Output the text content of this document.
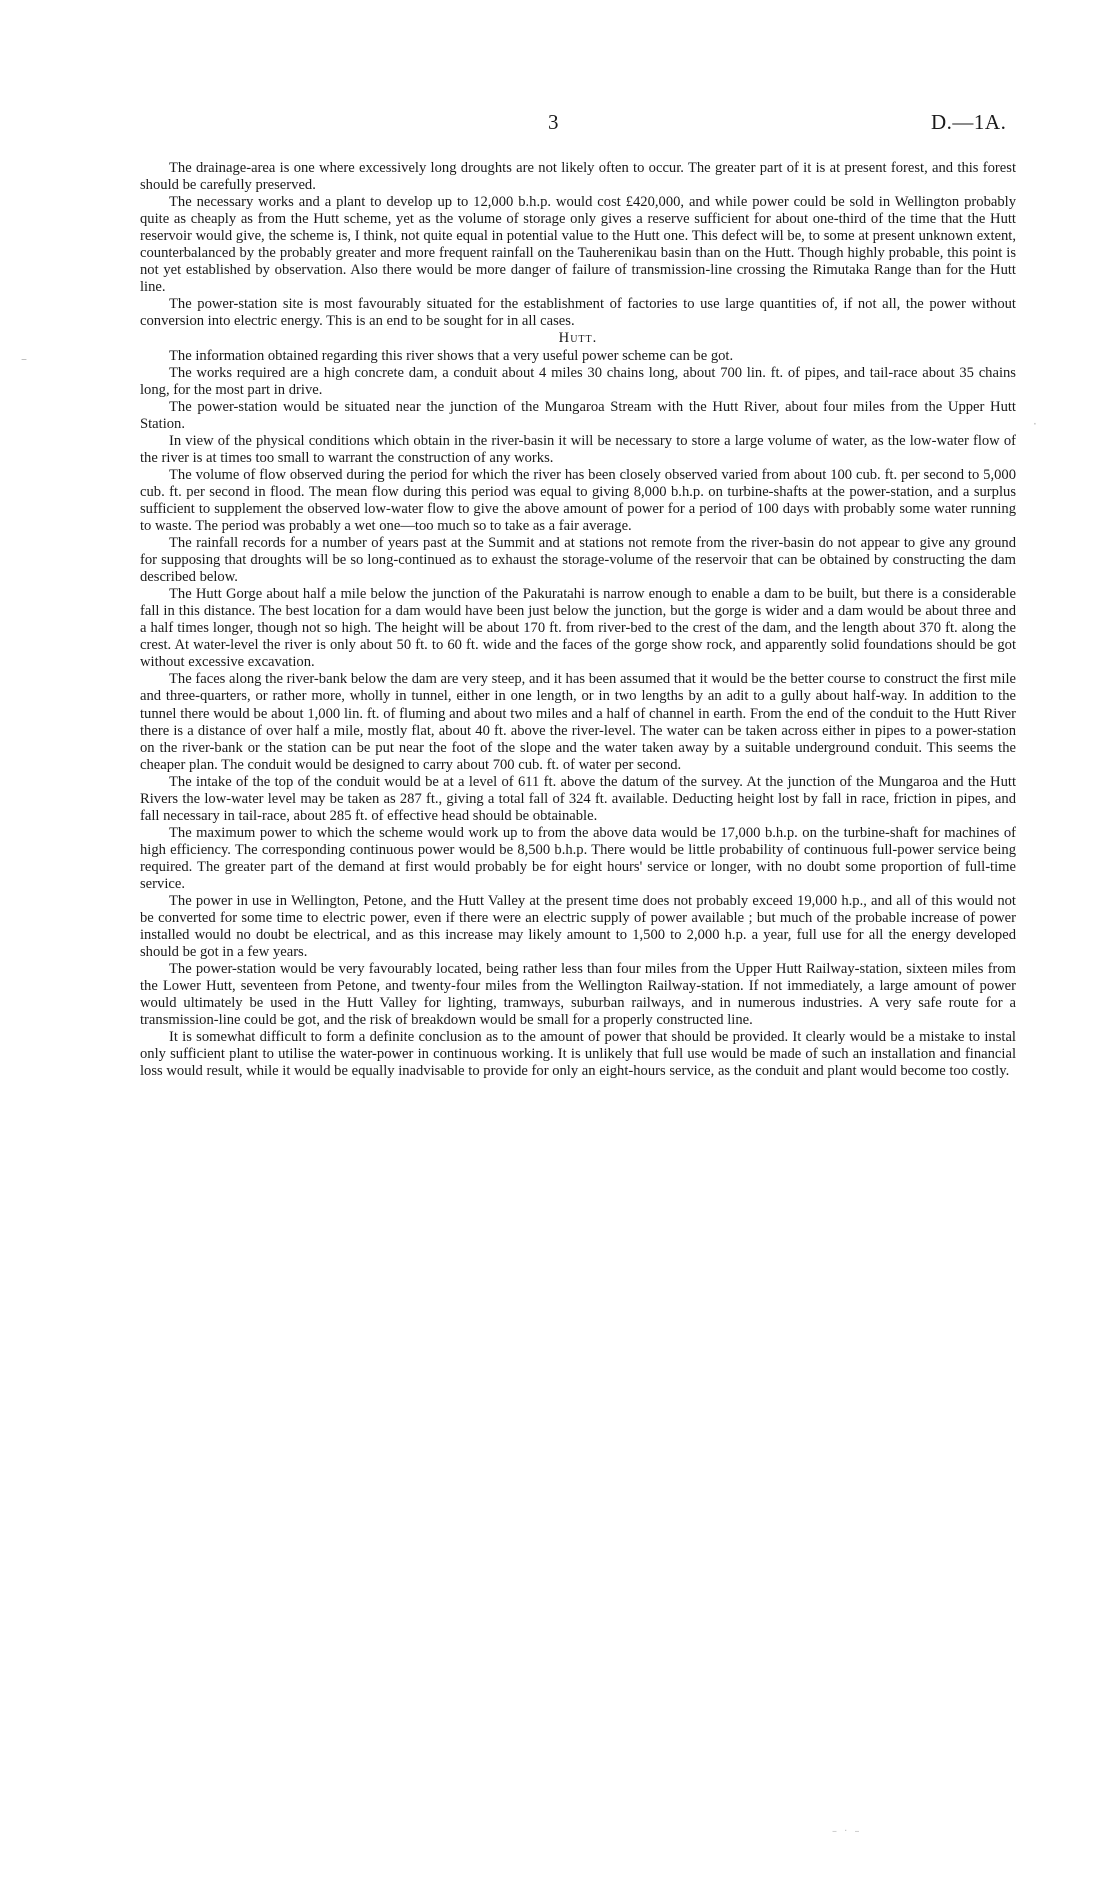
3	D.—1A.

The drainage-area is one where excessively long droughts are not likely often to occur. The greater part of it is at present forest, and this forest should be carefully preserved.

The necessary works and a plant to develop up to 12,000 b.h.p. would cost £420,000, and while power could be sold in Wellington probably quite as cheaply as from the Hutt scheme, yet as the volume of storage only gives a reserve sufficient for about one-third of the time that the Hutt reservoir would give, the scheme is, I think, not quite equal in potential value to the Hutt one. This defect will be, to some at present unknown extent, counterbalanced by the probably greater and more frequent rainfall on the Tauherenikau basin than on the Hutt. Though highly probable, this point is not yet established by observation. Also there would be more danger of failure of transmission-line crossing the Rimutaka Range than for the Hutt line.

The power-station site is most favourably situated for the establishment of factories to use large quantities of, if not all, the power without conversion into electric energy. This is an end to be sought for in all cases.

Hutt.

The information obtained regarding this river shows that a very useful power scheme can be got.

The works required are a high concrete dam, a conduit about 4 miles 30 chains long, about 700 lin. ft. of pipes, and tail-race about 35 chains long, for the most part in drive.

The power-station would be situated near the junction of the Mungaroa Stream with the Hutt River, about four miles from the Upper Hutt Station.

In view of the physical conditions which obtain in the river-basin it will be necessary to store a large volume of water, as the low-water flow of the river is at times too small to warrant the construction of any works.

The volume of flow observed during the period for which the river has been closely observed varied from about 100 cub. ft. per second to 5,000 cub. ft. per second in flood. The mean flow during this period was equal to giving 8,000 b.h.p. on turbine-shafts at the power-station, and a surplus sufficient to supplement the observed low-water flow to give the above amount of power for a period of 100 days with probably some water running to waste. The period was probably a wet one—too much so to take as a fair average.

The rainfall records for a number of years past at the Summit and at stations not remote from the river-basin do not appear to give any ground for supposing that droughts will be so long-continued as to exhaust the storage-volume of the reservoir that can be obtained by constructing the dam described below.

The Hutt Gorge about half a mile below the junction of the Pakuratahi is narrow enough to enable a dam to be built, but there is a considerable fall in this distance. The best location for a dam would have been just below the junction, but the gorge is wider and a dam would be about three and a half times longer, though not so high. The height will be about 170 ft. from river-bed to the crest of the dam, and the length about 370 ft. along the crest. At water-level the river is only about 50 ft. to 60 ft. wide and the faces of the gorge show rock, and apparently solid foundations should be got without excessive excavation.

The faces along the river-bank below the dam are very steep, and it has been assumed that it would be the better course to construct the first mile and three-quarters, or rather more, wholly in tunnel, either in one length, or in two lengths by an adit to a gully about half-way. In addition to the tunnel there would be about 1,000 lin. ft. of fluming and about two miles and a half of channel in earth. From the end of the conduit to the Hutt River there is a distance of over half a mile, mostly flat, about 40 ft. above the river-level. The water can be taken across either in pipes to a power-station on the river-bank or the station can be put near the foot of the slope and the water taken away by a suitable underground conduit. This seems the cheaper plan. The conduit would be designed to carry about 700 cub. ft. of water per second.

The intake of the top of the conduit would be at a level of 611 ft. above the datum of the survey. At the junction of the Mungaroa and the Hutt Rivers the low-water level may be taken as 287 ft., giving a total fall of 324 ft. available. Deducting height lost by fall in race, friction in pipes, and fall necessary in tail-race, about 285 ft. of effective head should be obtainable.

The maximum power to which the scheme would work up to from the above data would be 17,000 b.h.p. on the turbine-shaft for machines of high efficiency. The corresponding continuous power would be 8,500 b.h.p. There would be little probability of continuous full-power service being required. The greater part of the demand at first would probably be for eight hours' service or longer, with no doubt some proportion of full-time service.

The power in use in Wellington, Petone, and the Hutt Valley at the present time does not probably exceed 19,000 h.p., and all of this would not be converted for some time to electric power, even if there were an electric supply of power available ; but much of the probable increase of power installed would no doubt be electrical, and as this increase may likely amount to 1,500 to 2,000 h.p. a year, full use for all the energy developed should be got in a few years.

The power-station would be very favourably located, being rather less than four miles from the Upper Hutt Railway-station, sixteen miles from the Lower Hutt, seventeen from Petone, and twenty-four miles from the Wellington Railway-station. If not immediately, a large amount of power would ultimately be used in the Hutt Valley for lighting, tramways, suburban railways, and in numerous industries. A very safe route for a transmission-line could be got, and the risk of breakdown would be small for a properly constructed line.

It is somewhat difficult to form a definite conclusion as to the amount of power that should be provided. It clearly would be a mistake to instal only sufficient plant to utilise the water-power in continuous working. It is unlikely that full use would be made of such an installation and financial loss would result, while it would be equally inadvisable to provide for only an eight-hours service, as the conduit and plant would become too costly.

–
·
– · –
